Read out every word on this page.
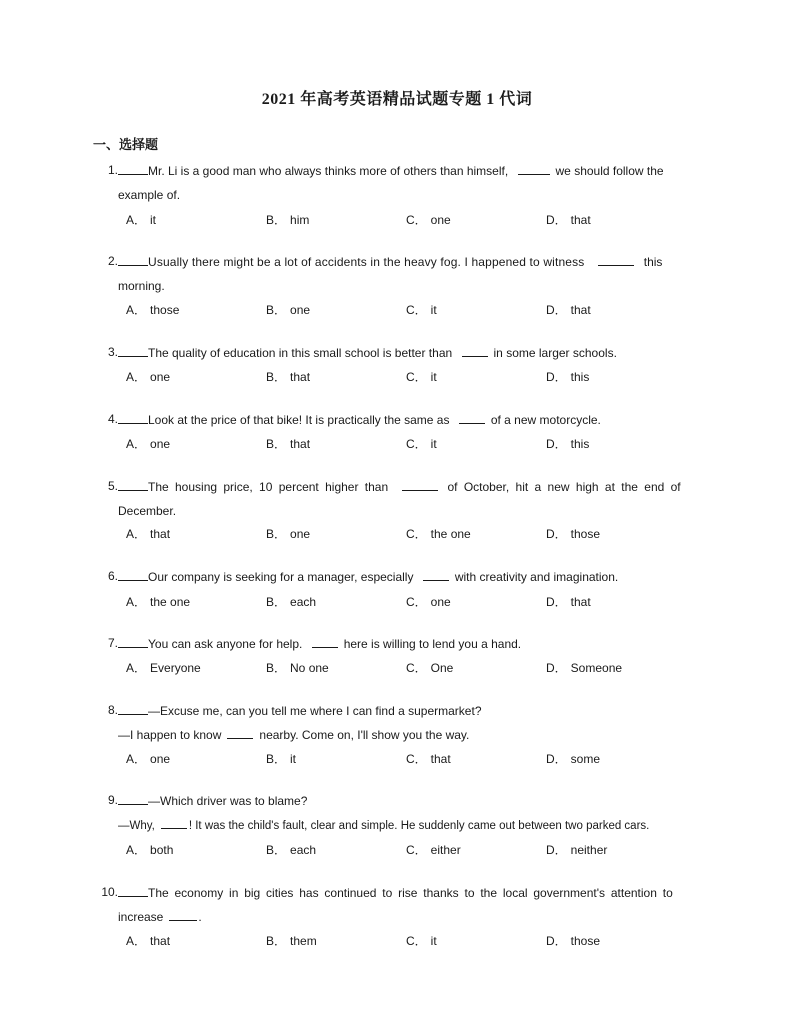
2021 年高考英语精品试题专题 1 代词
一、选择题
1.	Mr. Li is a good man who always thinks more of others than himself,	we should follow the
example of.
A． it	B． him	C． one	D． that
2.	Usually there might be a lot of accidents in the heavy fog. I happened to witness	this
morning.
A． those	B． one	C． it	D． that
3.	The quality of education in this small school is better than	in some larger schools.
A． one	B． that	C． it	D． this
4.	Look at the price of that bike! It is practically the same as	of a new motorcycle.
A． one	B． that	C． it	D． this
5.	The housing price, 10 percent higher than	of October, hit a new high at the end of
December.
A． that	B． one	C． the one	D． those
6.	Our company is seeking for a manager, especially	with creativity and imagination.
A． the one	B． each	C． one	D． that
7.	You can ask anyone for help.	here is willing to lend you a hand.
A． Everyone	B． No one	C． One	D． Someone
8.	—Excuse me, can you tell me where I can find a supermarket?
—I happen to know	nearby. Come on, I'll show you the way.
A． one	B． it	C． that	D． some
9.	—Which driver was to blame?
—Why,	! It was the child's fault, clear and simple. He suddenly came out between two parked cars.
A． both	B． each	C． either	D． neither
10.	The economy in big cities has continued to rise thanks to the local government's attention to
increase	.
A． that	B． them	C． it	D． those
